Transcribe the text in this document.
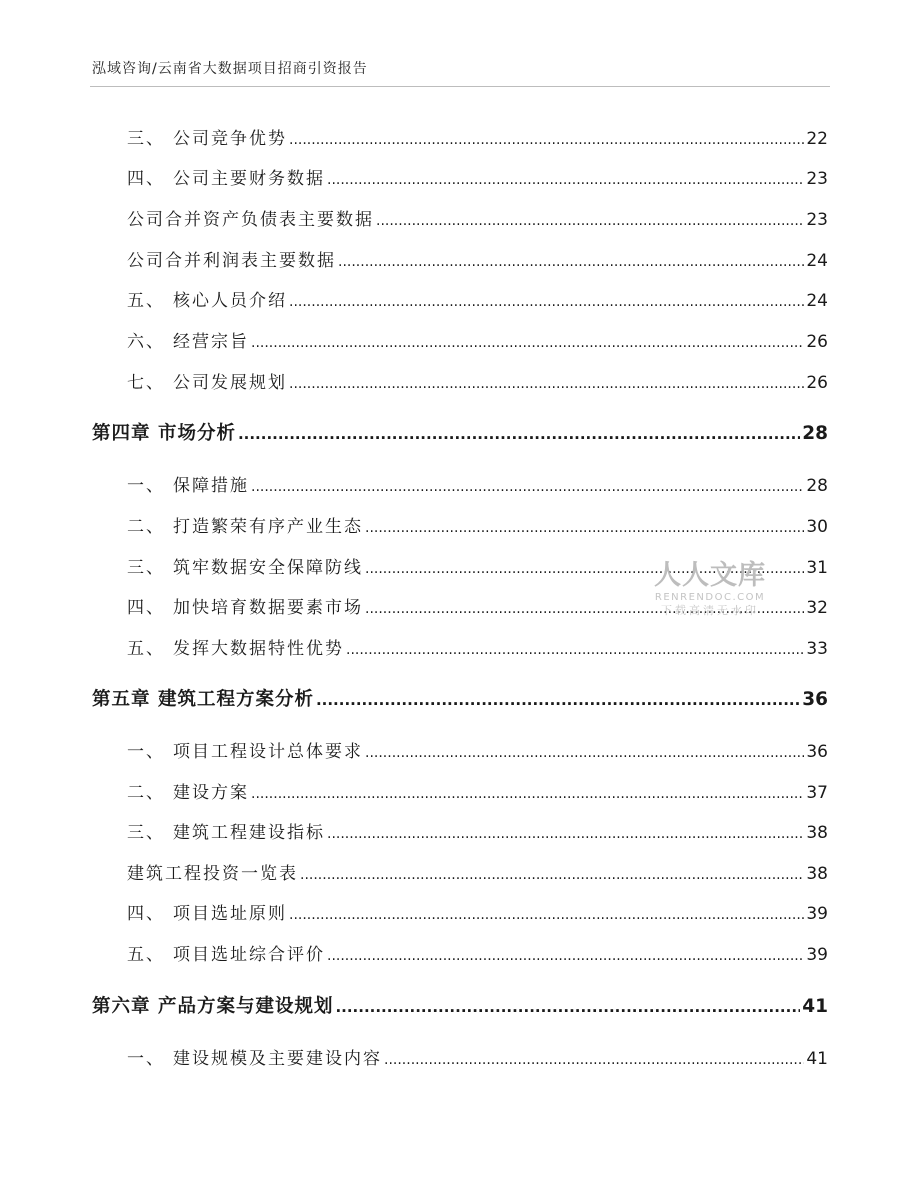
泓域咨询/云南省大数据项目招商引资报告
三、 公司竞争优势 .....	22
四、 公司主要财务数据 .....	23
公司合并资产负债表主要数据 .....	23
公司合并利润表主要数据 .....	24
五、 核心人员介绍 .....	24
六、 经营宗旨 .....	26
七、 公司发展规划 .....	26
第四章 市场分析 .....	28
一、 保障措施 .....	28
二、 打造繁荣有序产业生态 .....	30
三、 筑牢数据安全保障防线 .....	31
四、 加快培育数据要素市场 .....	32
五、 发挥大数据特性优势 .....	33
第五章 建筑工程方案分析 .....	36
一、 项目工程设计总体要求 .....	36
二、 建设方案 .....	37
三、 建筑工程建设指标 .....	38
建筑工程投资一览表 .....	38
四、 项目选址原则 .....	39
五、 项目选址综合评价 .....	39
第六章 产品方案与建设规划 .....	41
一、 建设规模及主要建设内容 .....	41
人人文库
RENRENDOC.COM
下载高清无水印
